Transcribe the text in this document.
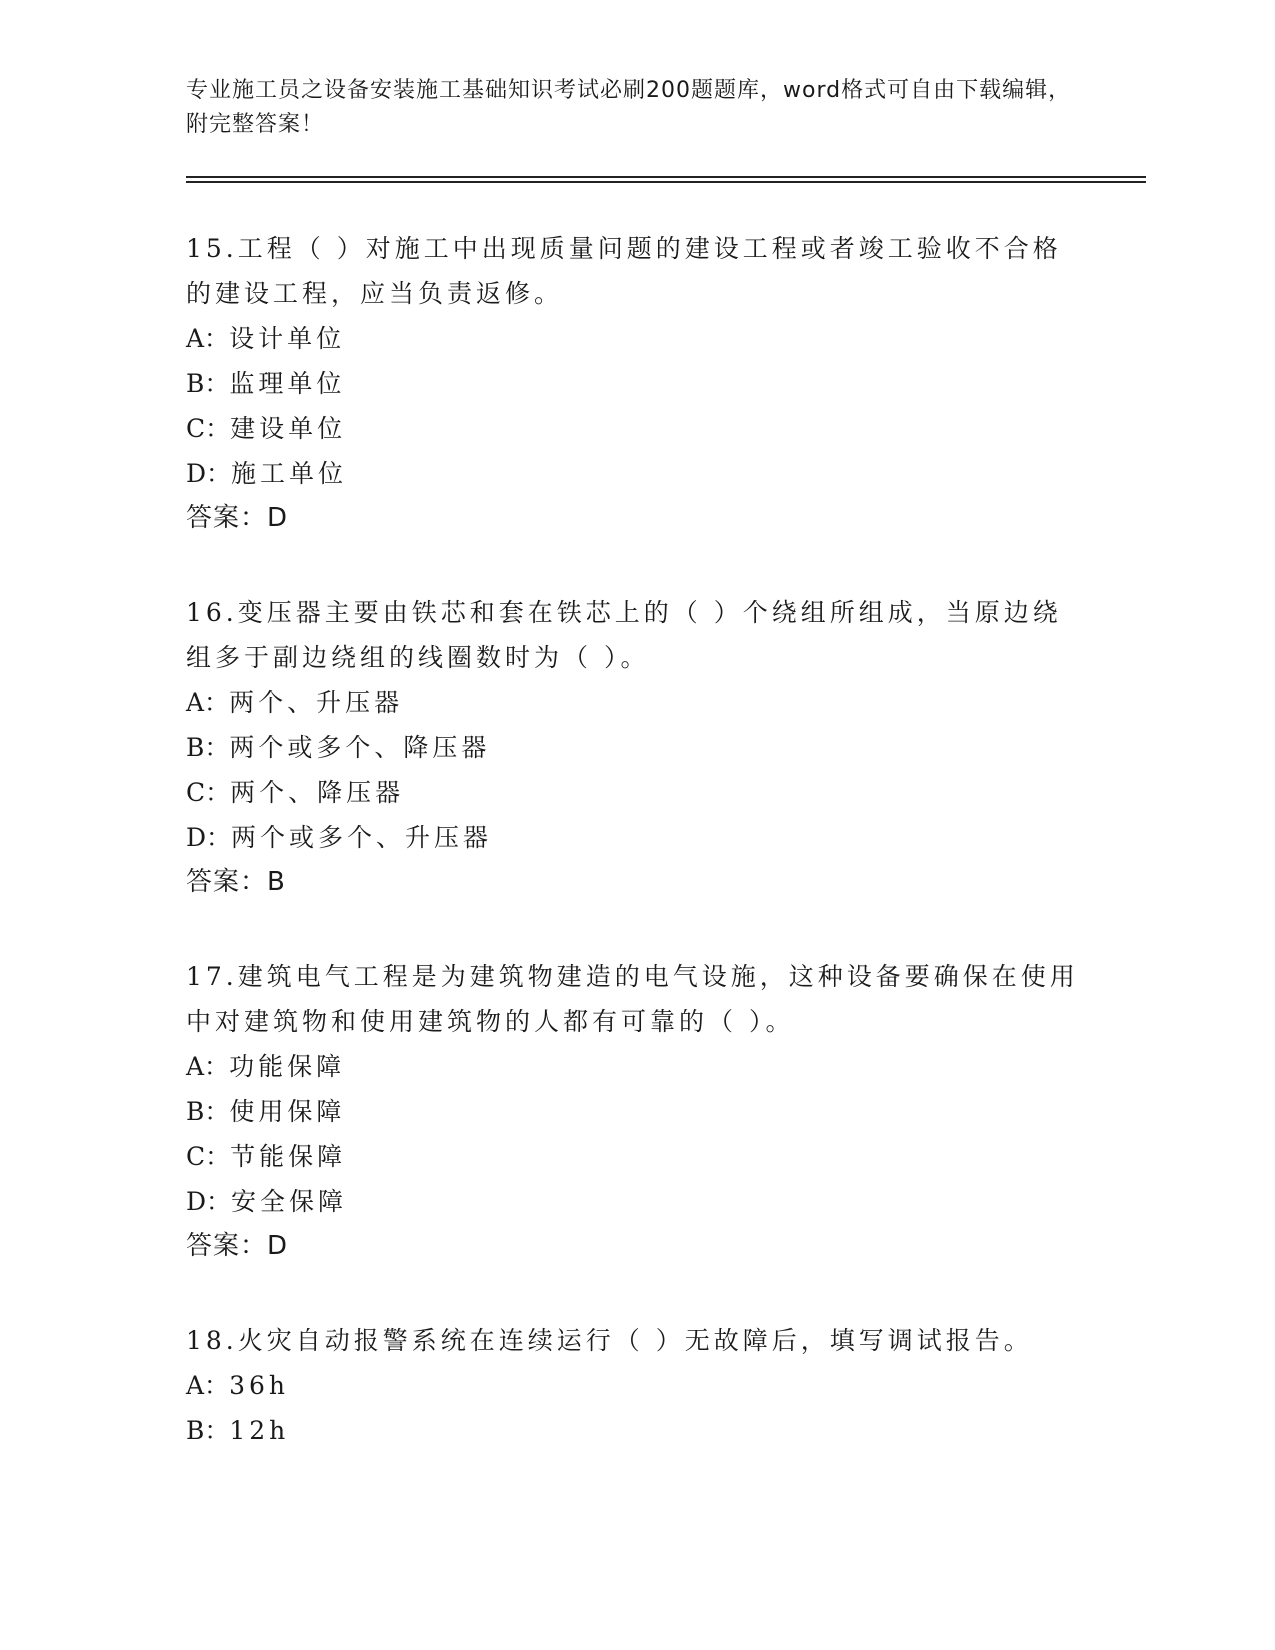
专业施工员之设备安装施工基础知识考试必刷200题题库，word格式可自由下载编辑，附完整答案！
15.工程（ ）对施工中出现质量问题的建设工程或者竣工验收不合格的建设工程，应当负责返修。
A：设计单位
B：监理单位
C：建设单位
D：施工单位
答案：D
16.变压器主要由铁芯和套在铁芯上的（ ）个绕组所组成，当原边绕组多于副边绕组的线圈数时为（ ）。
A：两个、升压器
B：两个或多个、降压器
C：两个、降压器
D：两个或多个、升压器
答案：B
17.建筑电气工程是为建筑物建造的电气设施，这种设备要确保在使用中对建筑物和使用建筑物的人都有可靠的（ ）。
A：功能保障
B：使用保障
C：节能保障
D：安全保障
答案：D
18.火灾自动报警系统在连续运行（ ）无故障后，填写调试报告。
A：36h
B：12h
